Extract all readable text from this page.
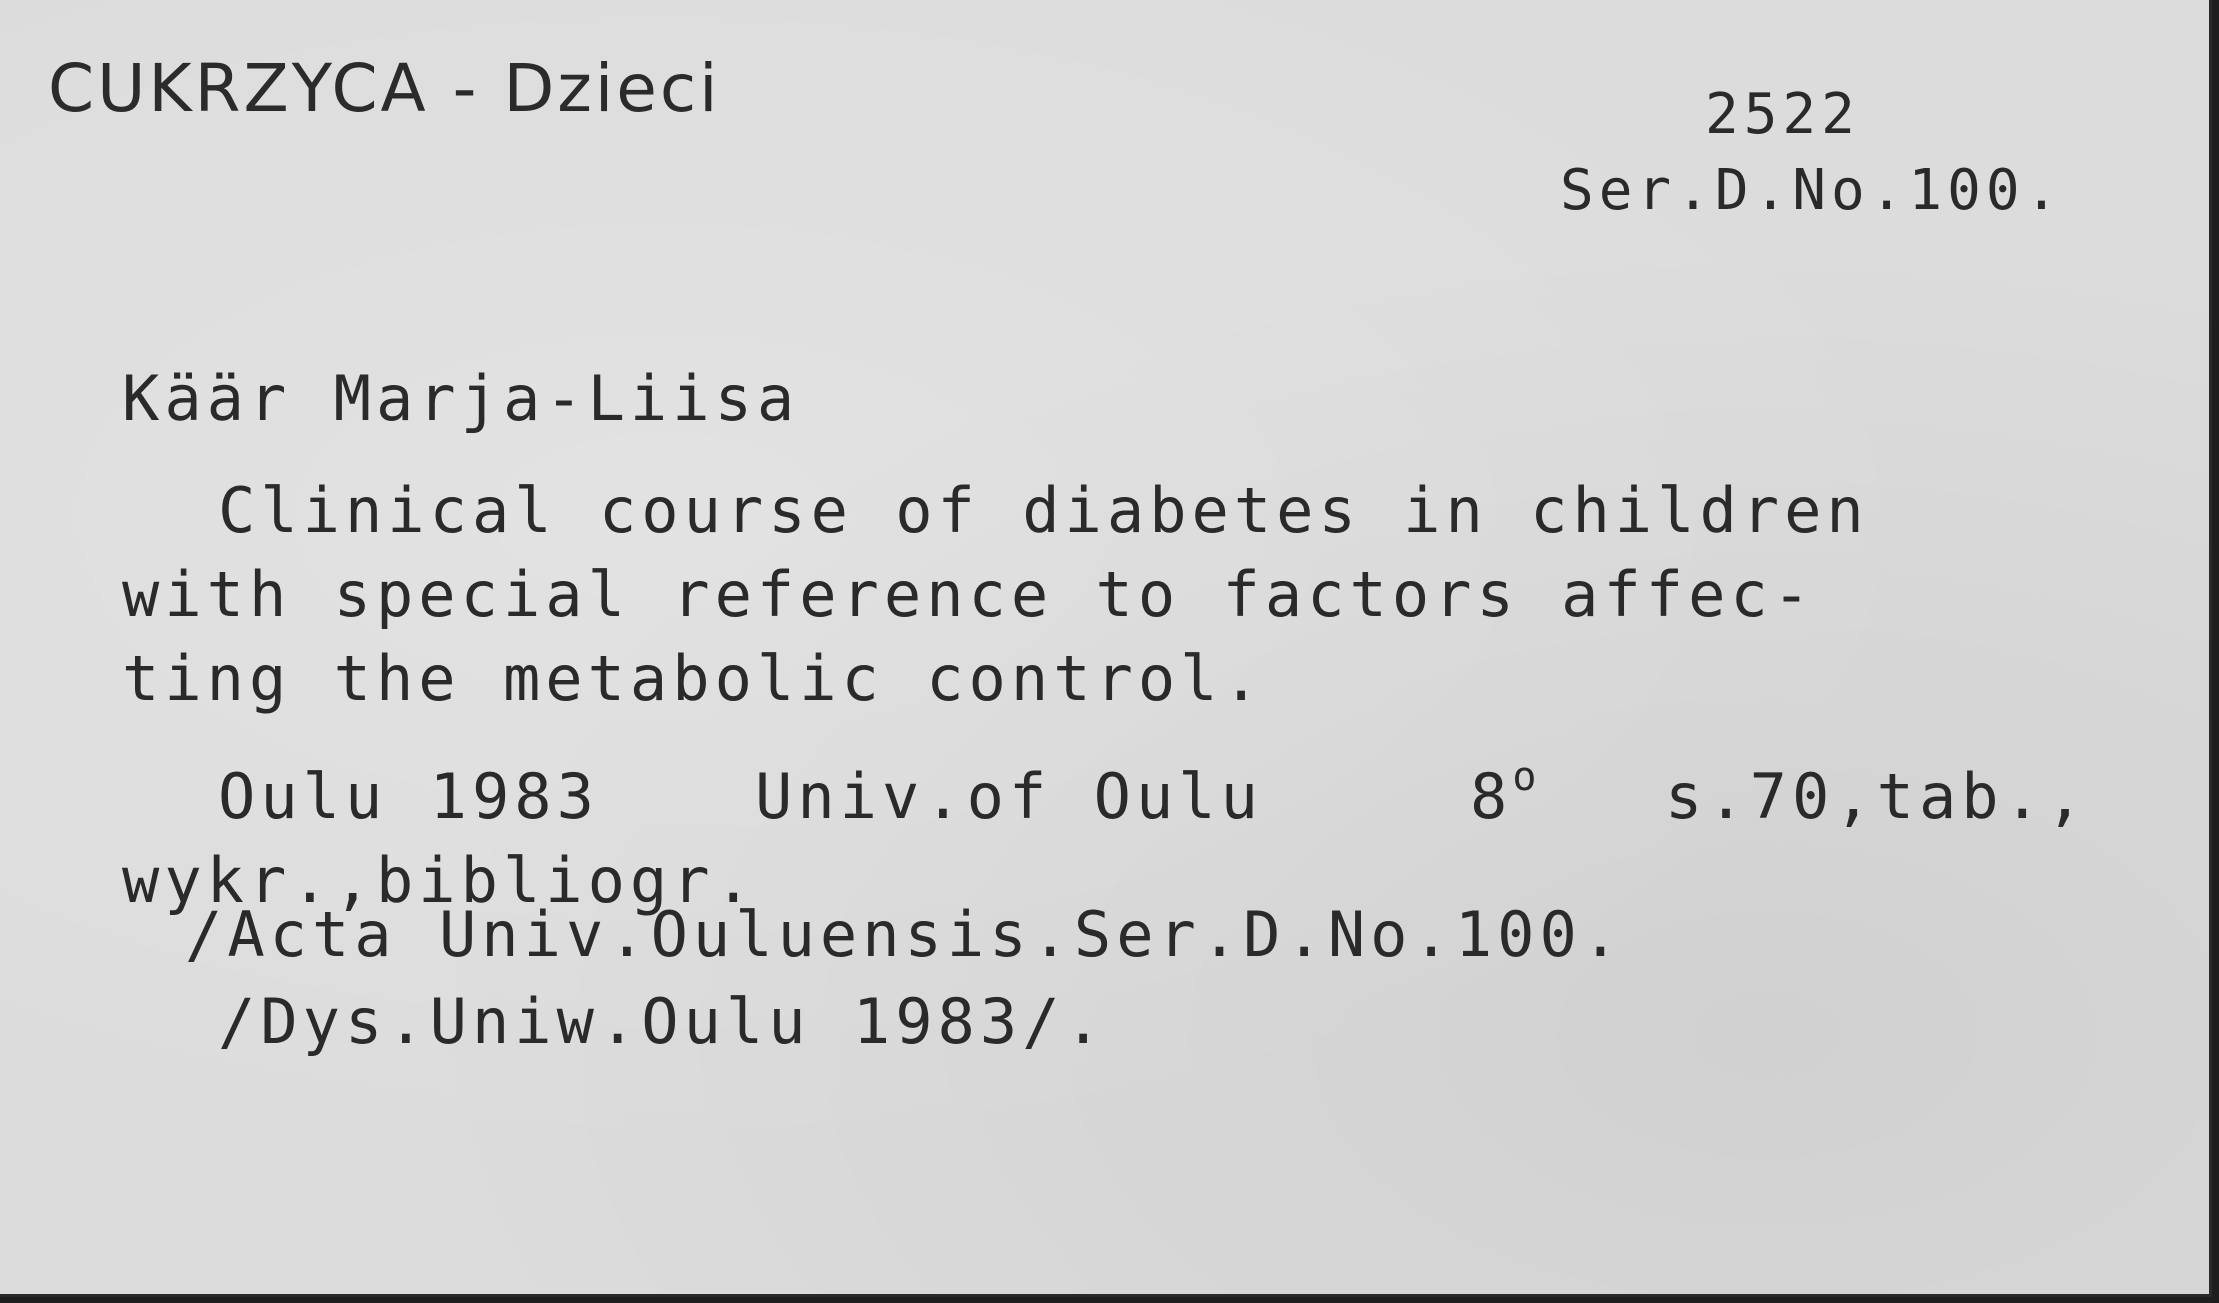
CUKRZYCA - Dzieci	2522
Ser.D.No.100.
Käär Marja-Liisa
Clinical course of diabetes in children
with special reference to factors affec-
ting the metabolic control.
Oulu 1983	Univ.of Oulu	8$^o$ s.70,tab.,
wykr.,bibliogr.
/Acta Univ.Ouluensis.Ser.D.No.100.
/Dys.Uniw.Oulu 1983/.
